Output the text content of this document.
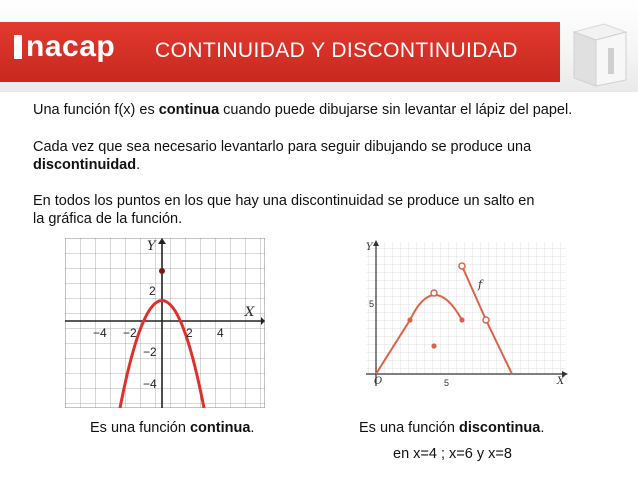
nacap CONTINUIDAD Y DISCONTINUIDAD
Una función f(x) es continua cuando puede dibujarse sin levantar el lápiz del papel.
Cada vez que sea necesario levantarlo para seguir dibujando se produce una
discontinuidad.
En todos los puntos en los que hay una discontinuidad se produce un salto en
la gráfica de la función.
Y
X
−4 −2	2 4
2
−2
−4
Y
X
O	5
5
f
Es una función continua.	Es una función discontinua.
en x=4 ; x=6 y x=8
